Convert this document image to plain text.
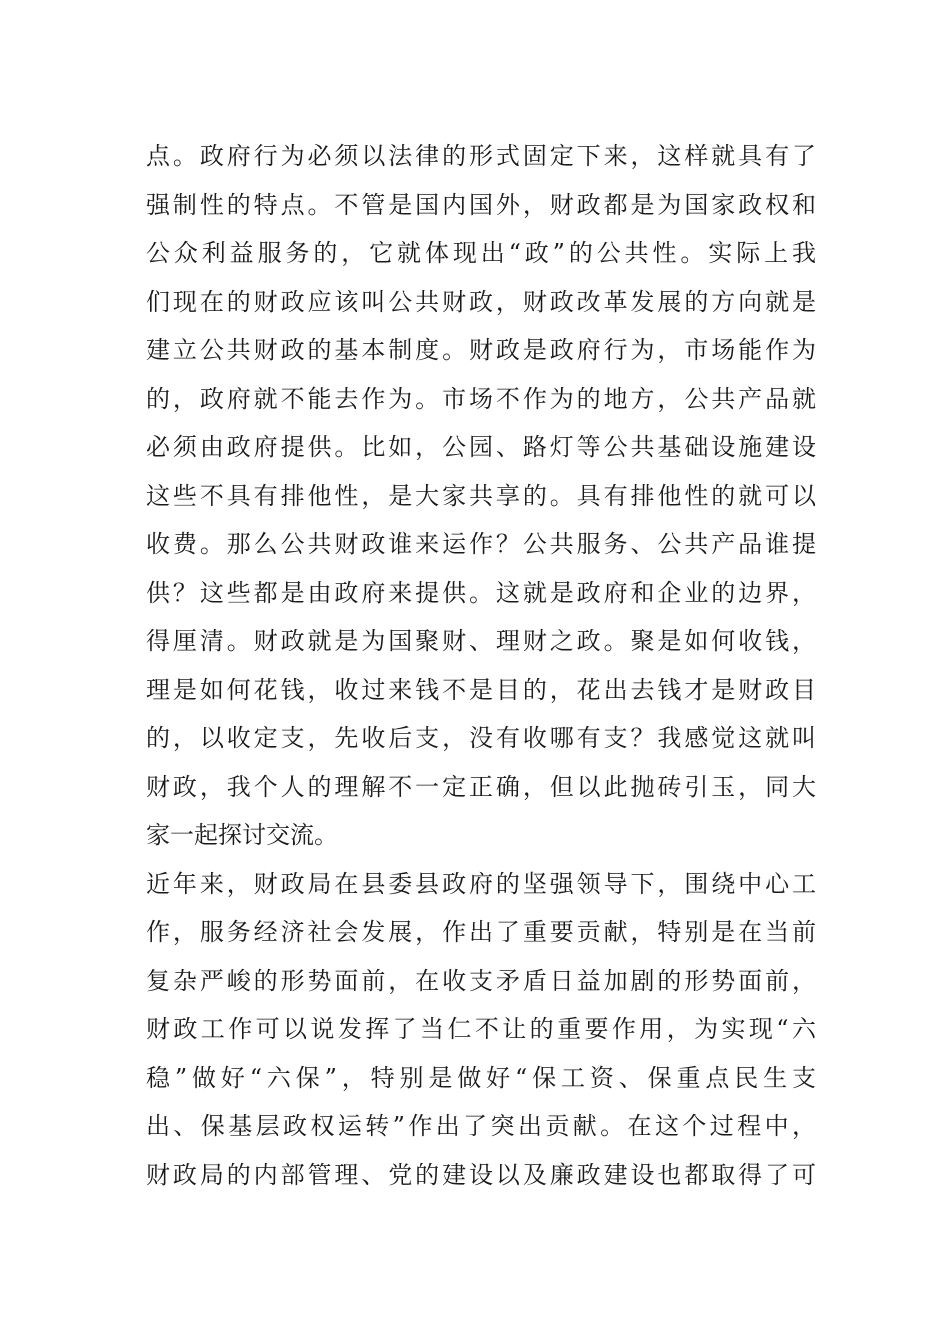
点。政府行为必须以法律的形式固定下来，这样就具有了
强制性的特点。不管是国内国外，财政都是为国家政权和
公众利益服务的，它就体现出“政”的公共性。实际上我
们现在的财政应该叫公共财政，财政改革发展的方向就是
建立公共财政的基本制度。财政是政府行为，市场能作为
的，政府就不能去作为。市场不作为的地方，公共产品就
必须由政府提供。比如，公园、路灯等公共基础设施建设
这些不具有排他性，是大家共享的。具有排他性的就可以
收费。那么公共财政谁来运作？公共服务、公共产品谁提
供？这些都是由政府来提供。这就是政府和企业的边界，
得厘清。财政就是为国聚财、理财之政。聚是如何收钱，
理是如何花钱，收过来钱不是目的，花出去钱才是财政目
的，以收定支，先收后支，没有收哪有支？我感觉这就叫
财政，我个人的理解不一定正确，但以此抛砖引玉，同大
家一起探讨交流。
近年来，财政局在县委县政府的坚强领导下，围绕中心工
作，服务经济社会发展，作出了重要贡献，特别是在当前
复杂严峻的形势面前，在收支矛盾日益加剧的形势面前，
财政工作可以说发挥了当仁不让的重要作用，为实现“六
稳”做好“六保”，特别是做好“保工资、保重点民生支
出、保基层政权运转”作出了突出贡献。在这个过程中，
财政局的内部管理、党的建设以及廉政建设也都取得了可
